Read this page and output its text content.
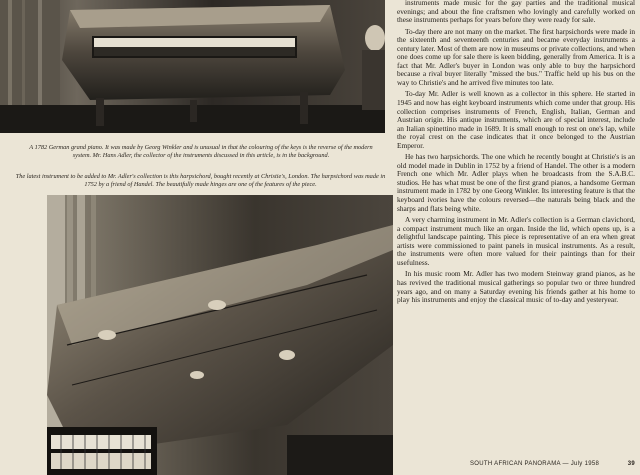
A 1782 German grand piano. It was made by Georg Winkler and is unusual in that the colouring of the keys is the reverse of the modern system. Mr. Hans Adler, the collector of the instruments discussed in this article, is in the background.

The latest instrument to be added to Mr. Adler's collection is this harpsichord, bought recently at Christie's, London. The harpsichord was made in 1752 by a friend of Handel. The beautifully made hinges are one of the features of the piece.

instruments made music for the gay parties and the traditional musical evenings; and about the fine craftsmen who lovingly and carefully worked on these instruments perhaps for years before they were ready for sale.

To-day there are not many on the market. The first harpsichords were made in the sixteenth and seventeenth centuries and became everyday instruments a century later. Most of them are now in museums or private collections, and when one does come up for sale there is keen bidding, generally from America. It is a fact that Mr. Adler's buyer in London was only able to buy the harpsichord because a rival buyer literally "missed the bus." Traffic held up his bus on the way to Christie's and he arrived five minutes too late.

To-day Mr. Adler is well known as a collector in this sphere. He started in 1945 and now has eight keyboard instruments which come under that group. His collection comprises instruments of French, English, Italian, German and Austrian origin. His antique instruments, which are of special interest, include an Italian spinettino made in 1689. It is small enough to rest on one's lap, while the royal crest on the case indicates that it once belonged to the Austrian Emperor.

He has two harpsichords. The one which he recently bought at Christie's is an old model made in Dublin in 1752 by a friend of Handel. The other is a modern French one which Mr. Adler plays when he broadcasts from the S.A.B.C. studios. He has what must be one of the first grand pianos, a handsome German instrument made in 1782 by one Georg Winkler. Its interesting feature is that the keyboard ivories have the colours reversed—the naturals being black and the sharps and flats being white.

A very charming instrument in Mr. Adler's collection is a German clavichord, a compact instrument much like an organ. Inside the lid, which opens up, is a delightful landscape painting. This piece is representative of an era when great artists were commissioned to paint panels in musical instruments. As a result, the instruments were often more valued for their paintings than for their usefulness.

In his music room Mr. Adler has two modern Steinway grand pianos, as he has revived the traditional musical gatherings so popular two or three hundred years ago, and on many a Saturday evening his friends gather at his home to play his instruments and enjoy the classical music of to-day and yesteryear.

SOUTH AFRICAN PANORAMA — July 1958	39
